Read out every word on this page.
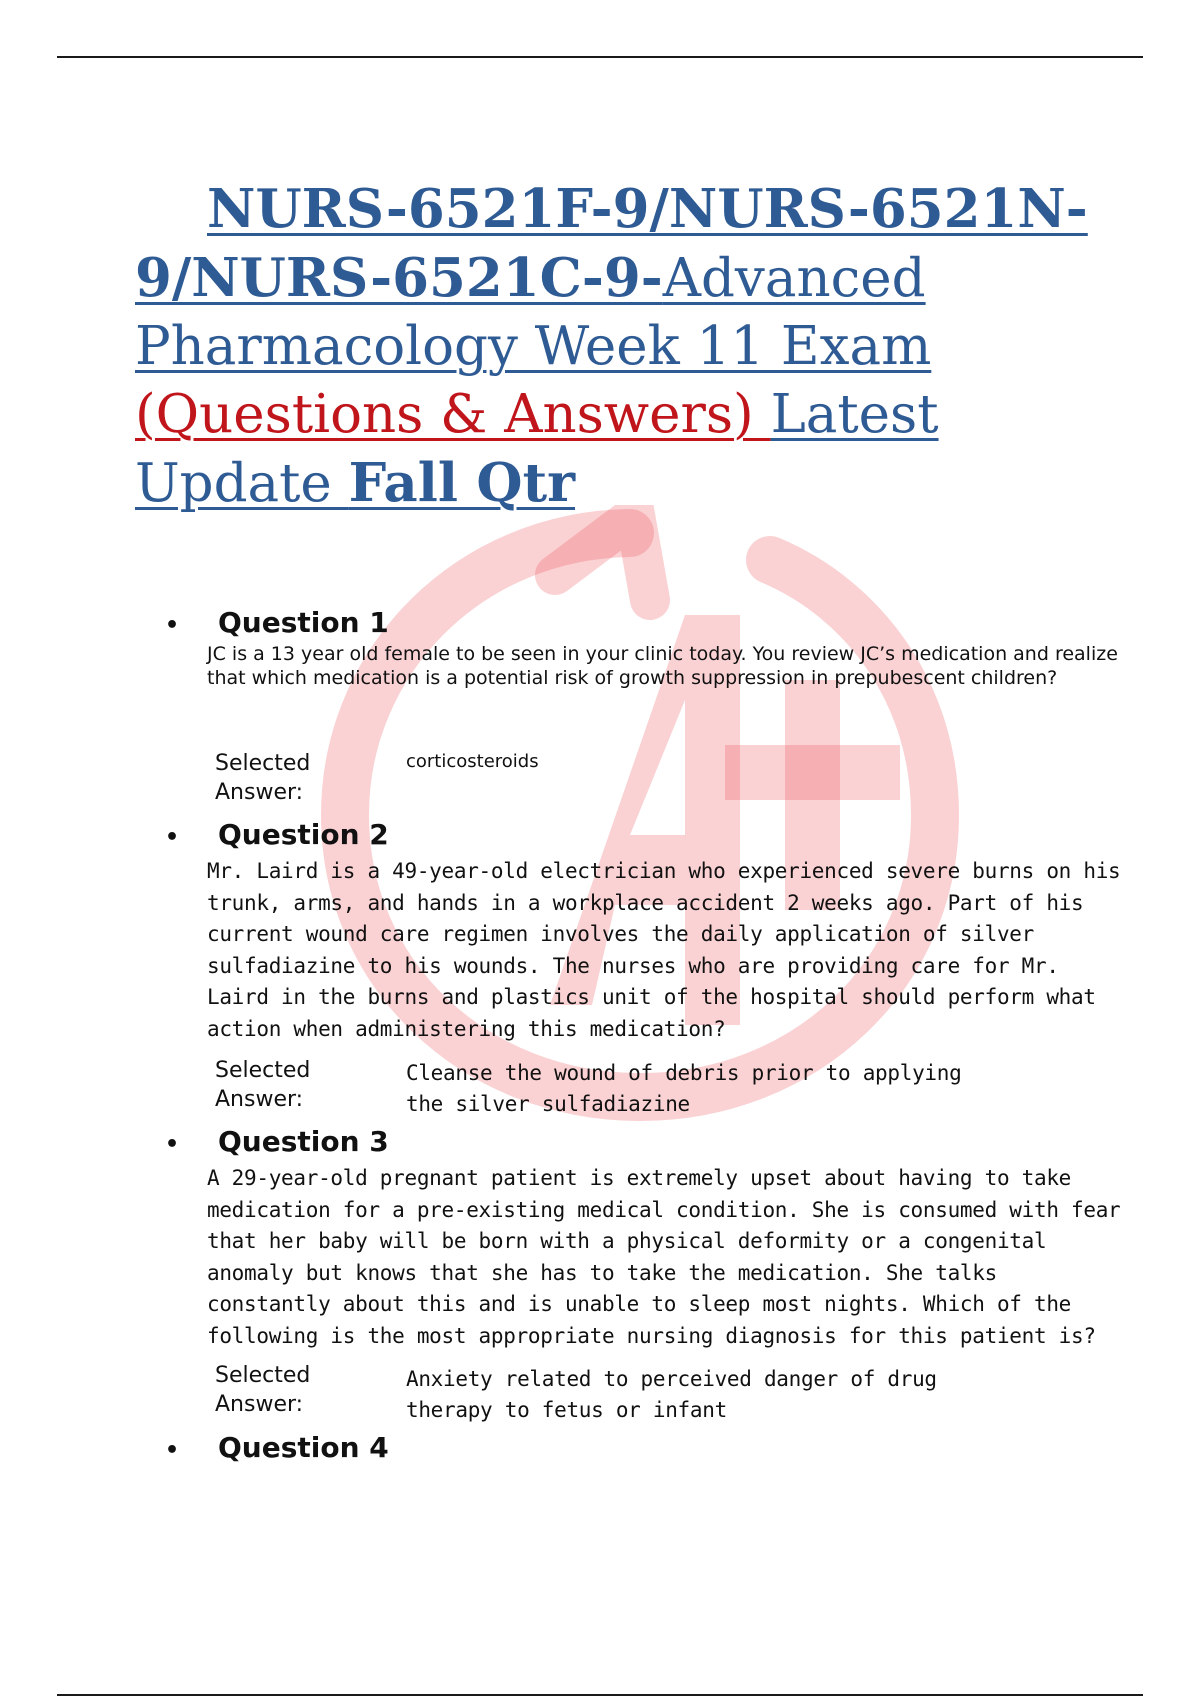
NURS-6521F-9/NURS-6521N-9/NURS-6521C-9-Advanced Pharmacology Week 11 Exam (Questions & Answers) Latest Update Fall Qtr
• Question 1
JC is a 13 year old female to be seen in your clinic today. You review JC’s medication and realize that which medication is a potential risk of growth suppression in prepubescent children?
Selected Answer:
corticosteroids
• Question 2
Mr. Laird is a 49-year-old electrician who experienced severe burns on his trunk, arms, and hands in a workplace accident 2 weeks ago. Part of his current wound care regimen involves the daily application of silver sulfadiazine to his wounds. The nurses who are providing care for Mr. Laird in the burns and plastics unit of the hospital should perform what action when administering this medication?
Selected Answer:
Cleanse the wound of debris prior to applying the silver sulfadiazine
• Question 3
A 29-year-old pregnant patient is extremely upset about having to take medication for a pre-existing medical condition. She is consumed with fear that her baby will be born with a physical deformity or a congenital anomaly but knows that she has to take the medication. She talks constantly about this and is unable to sleep most nights. Which of the following is the most appropriate nursing diagnosis for this patient is?
Selected Answer:
Anxiety related to perceived danger of drug therapy to fetus or infant
• Question 4
